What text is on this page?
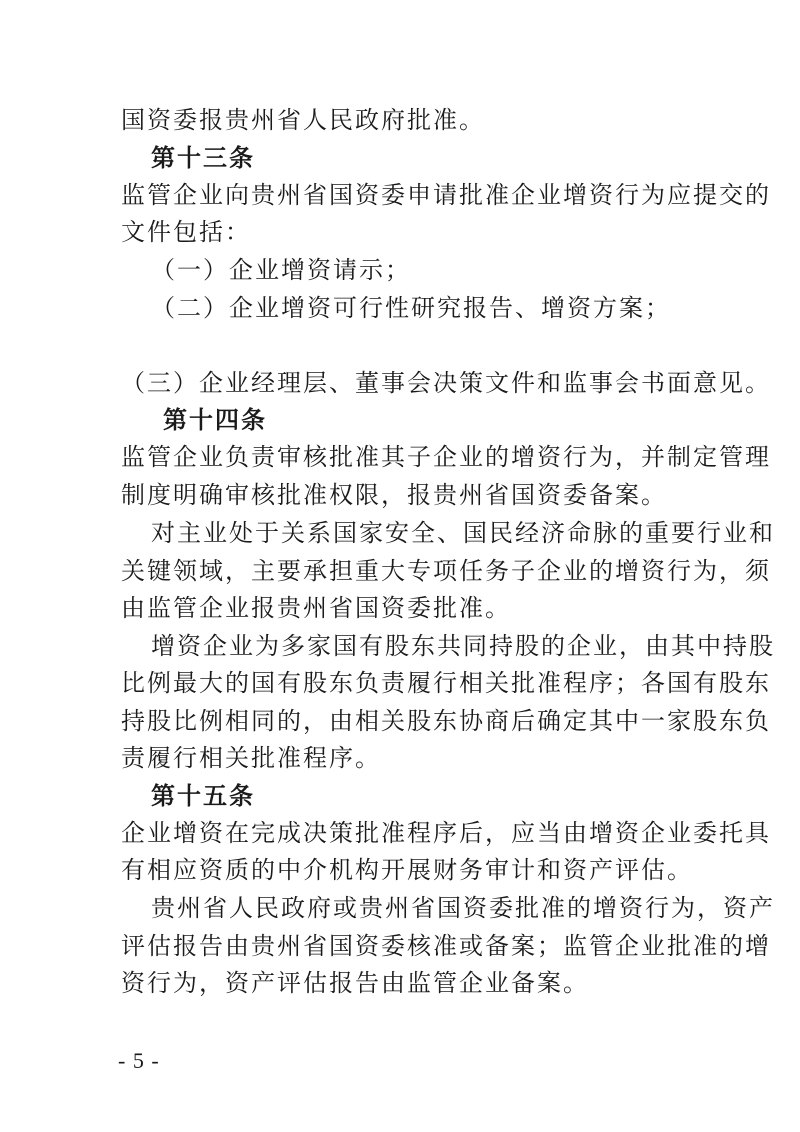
国资委报贵州省人民政府批准。
第十三条
监管企业向贵州省国资委申请批准企业增资行为应提交的
文件包括：
（一）企业增资请示；
（二）企业增资可行性研究报告、增资方案；
（三）企业经理层、董事会决策文件和监事会书面意见。
第十四条
监管企业负责审核批准其子企业的增资行为，并制定管理
制度明确审核批准权限，报贵州省国资委备案。
对主业处于关系国家安全、国民经济命脉的重要行业和
关键领域，主要承担重大专项任务子企业的增资行为，须
由监管企业报贵州省国资委批准。
增资企业为多家国有股东共同持股的企业，由其中持股
比例最大的国有股东负责履行相关批准程序；各国有股东
持股比例相同的，由相关股东协商后确定其中一家股东负
责履行相关批准程序。
第十五条
企业增资在完成决策批准程序后，应当由增资企业委托具
有相应资质的中介机构开展财务审计和资产评估。
贵州省人民政府或贵州省国资委批准的增资行为，资产
评估报告由贵州省国资委核准或备案；监管企业批准的增
资行为，资产评估报告由监管企业备案。
- 5 -
